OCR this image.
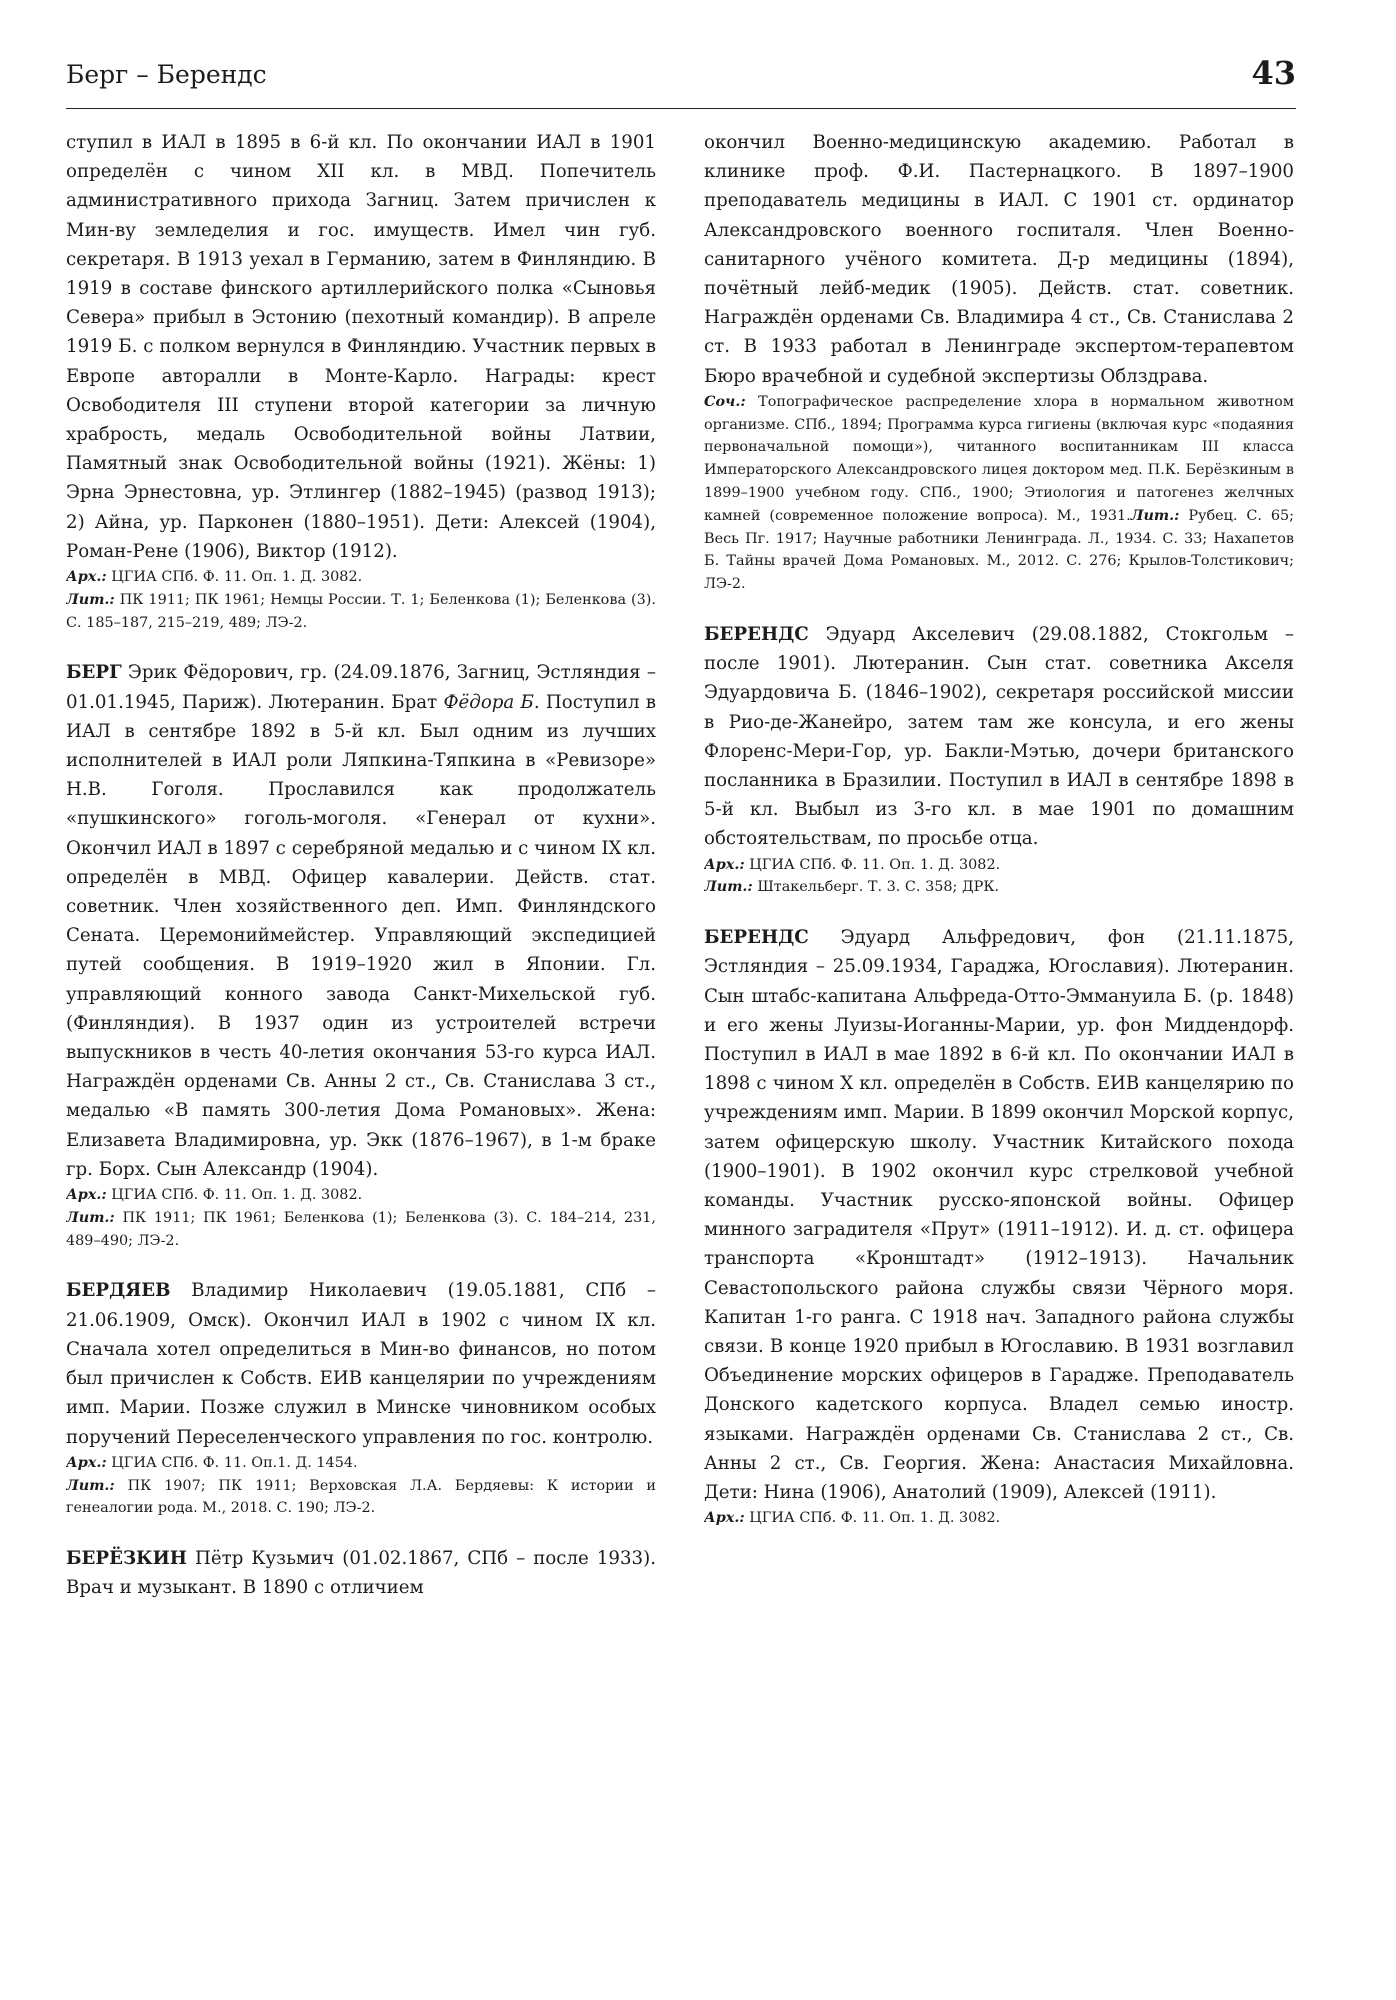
Берг – Берендс	43

ступил в ИАЛ в 1895 в 6-й кл. По окончании ИАЛ в 1901 определён с чином XII кл. в МВД. Попечитель административного прихода Загниц. Затем причислен к Мин-ву земледелия и гос. имуществ. Имел чин губ. секретаря. В 1913 уехал в Германию, затем в Финляндию. В 1919 в составе финского артиллерийского полка «Сыновья Севера» прибыл в Эстонию (пехотный командир). В апреле 1919 Б. с полком вернулся в Финляндию. Участник первых в Европе авторалли в Монте-Карло. Награды: крест Освободителя III ступени второй категории за личную храбрость, медаль Освободительной войны Латвии, Памятный знак Освободительной войны (1921). Жёны: 1) Эрна Эрнестовна, ур. Этлингер (1882–1945) (развод 1913); 2) Айна, ур. Парконен (1880–1951). Дети: Алексей (1904), Роман-Рене (1906), Виктор (1912).

Арх.: ЦГИА СПб. Ф. 11. Оп. 1. Д. 3082.
Лит.: ПК 1911; ПК 1961; Немцы России. Т. 1; Беленкова (1); Беленкова (3). С. 185–187, 215–219, 489; ЛЭ-2.

БЕРГ Эрик Фёдорович, гр. (24.09.1876, Загниц, Эстляндия – 01.01.1945, Париж). Лютеранин. Брат Фёдора Б. Поступил в ИАЛ в сентябре 1892 в 5-й кл. Был одним из лучших исполнителей в ИАЛ роли Ляпкина-Тяпкина в «Ревизоре» Н.В. Гоголя. Прославился как продолжатель «пушкинского» гоголь-моголя. «Генерал от кухни». Окончил ИАЛ в 1897 с серебряной медалью и с чином IX кл. определён в МВД. Офицер кавалерии. Действ. стат. советник. Член хозяйственного деп. Имп. Финляндского Сената. Церемониймейстер. Управляющий экспедицией путей сообщения. В 1919–1920 жил в Японии. Гл. управляющий конного завода Санкт-Михельской губ. (Финляндия). В 1937 один из устроителей встречи выпускников в честь 40-летия окончания 53-го курса ИАЛ. Награждён орденами Св. Анны 2 ст., Св. Станислава 3 ст., медалью «В память 300-летия Дома Романовых». Жена: Елизавета Владимировна, ур. Экк (1876–1967), в 1-м браке гр. Борх. Сын Александр (1904).

Арх.: ЦГИА СПб. Ф. 11. Оп. 1. Д. 3082.
Лит.: ПК 1911; ПК 1961; Беленкова (1); Беленкова (3). С. 184–214, 231, 489–490; ЛЭ-2.

БЕРДЯЕВ Владимир Николаевич (19.05.1881, СПб – 21.06.1909, Омск). Окончил ИАЛ в 1902 с чином IX кл. Сначала хотел определиться в Мин-во финансов, но потом был причислен к Собств. ЕИВ канцелярии по учреждениям имп. Марии. Позже служил в Минске чиновником особых поручений Переселенческого управления по гос. контролю.

Арх.: ЦГИА СПб. Ф. 11. Оп.1. Д. 1454.
Лит.: ПК 1907; ПК 1911; Верховская Л.А. Бердяевы: К истории и генеалогии рода. М., 2018. С. 190; ЛЭ-2.

БЕРЁЗКИН Пётр Кузьмич (01.02.1867, СПб – после 1933). Врач и музыкант. В 1890 с отличием

окончил Военно-медицинскую академию. Работал в клинике проф. Ф.И. Пастернацкого. В 1897–1900 преподаватель медицины в ИАЛ. С 1901 ст. ординатор Александровского военного госпиталя. Член Военно-санитарного учёного комитета. Д-р медицины (1894), почётный лейб-медик (1905). Действ. стат. советник. Награждён орденами Св. Владимира 4 ст., Св. Станислава 2 ст. В 1933 работал в Ленинграде экспертом-терапевтом Бюро врачебной и судебной экспертизы Облздрава.

Соч.: Топографическое распределение хлора в нормальном животном организме. СПб., 1894; Программа курса гигиены (включая курс «подаяния первоначальной помощи»), читанного воспитанникам III класса Императорского Александровского лицея доктором мед. П.К. Берёзкиным в 1899–1900 учебном году. СПб., 1900; Этиология и патогенез желчных камней (современное положение вопроса). М., 1931.Лит.: Рубец. С. 65; Весь Пг. 1917; Научные работники Ленинграда. Л., 1934. С. 33; Нахапетов Б. Тайны врачей Дома Романовых. М., 2012. С. 276; Крылов-Толстикович; ЛЭ-2.

БЕРЕНДС Эдуард Акселевич (29.08.1882, Стокгольм – после 1901). Лютеранин. Сын стат. советника Акселя Эдуардовича Б. (1846–1902), секретаря российской миссии в Рио-де-Жанейро, затем там же консула, и его жены Флоренс-Мери-Гор, ур. Бакли-Мэтью, дочери британского посланника в Бразилии. Поступил в ИАЛ в сентябре 1898 в 5-й кл. Выбыл из 3-го кл. в мае 1901 по домашним обстоятельствам, по просьбе отца.

Арх.: ЦГИА СПб. Ф. 11. Оп. 1. Д. 3082.
Лит.: Штакельберг. Т. 3. С. 358; ДРК.

БЕРЕНДС Эдуард Альфредович, фон (21.11.1875, Эстляндия – 25.09.1934, Гараджа, Югославия). Лютеранин. Сын штабс-капитана Альфреда-Отто-Эммануила Б. (р. 1848) и его жены Луизы-Иоганны-Марии, ур. фон Миддендорф. Поступил в ИАЛ в мае 1892 в 6-й кл. По окончании ИАЛ в 1898 с чином X кл. определён в Собств. ЕИВ канцелярию по учреждениям имп. Марии. В 1899 окончил Морской корпус, затем офицерскую школу. Участник Китайского похода (1900–1901). В 1902 окончил курс стрелковой учебной команды. Участник русско-японской войны. Офицер минного заградителя «Прут» (1911–1912). И. д. ст. офицера транспорта «Кронштадт» (1912–1913). Начальник Севастопольского района службы связи Чёрного моря. Капитан 1-го ранга. С 1918 нач. Западного района службы связи. В конце 1920 прибыл в Югославию. В 1931 возглавил Объединение морских офицеров в Гараджe. Преподаватель Донского кадетского корпуса. Владел семью иностр. языками. Награждён орденами Св. Станислава 2 ст., Св. Анны 2 ст., Св. Георгия. Жена: Анастасия Михайловна. Дети: Нина (1906), Анатолий (1909), Алексей (1911).

Арх.: ЦГИА СПб. Ф. 11. Оп. 1. Д. 3082.
